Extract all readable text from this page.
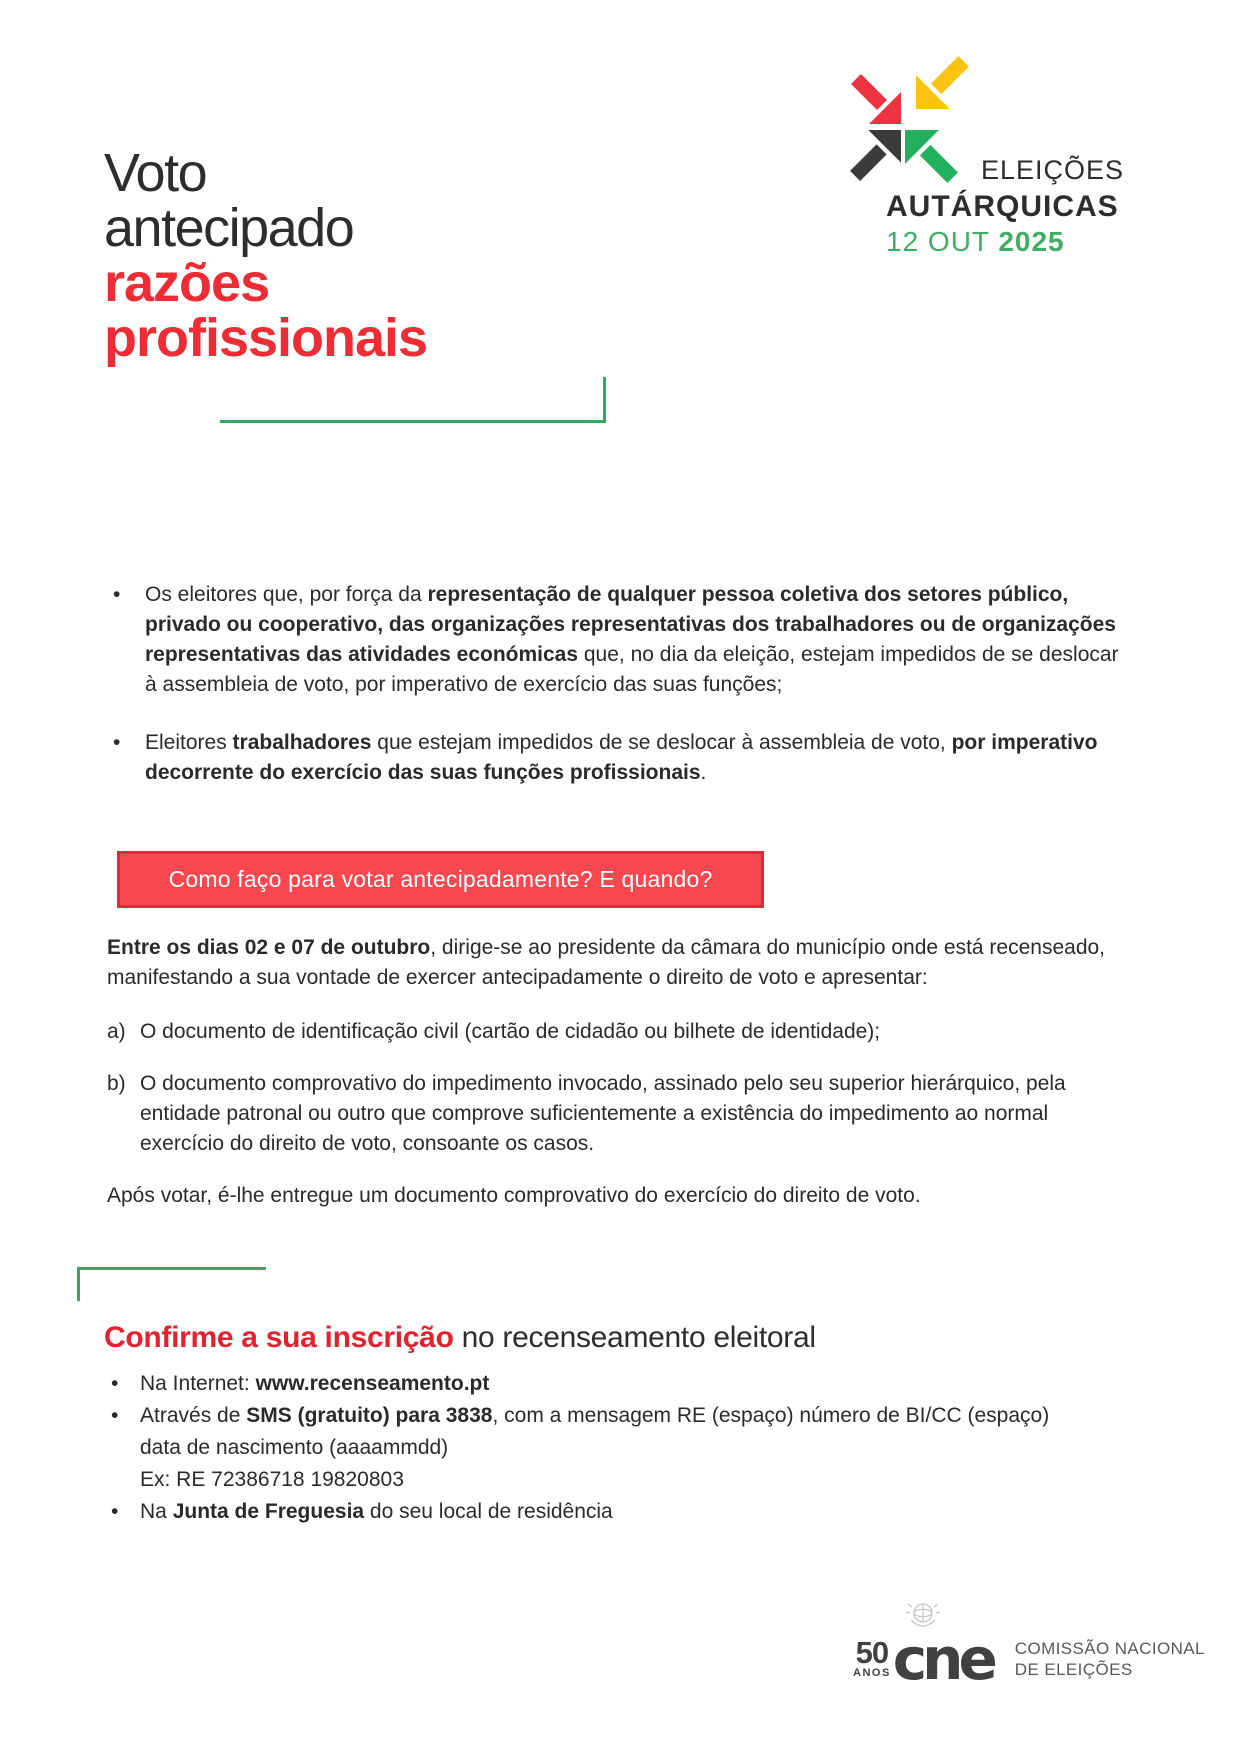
Voto
antecipado
razões
profissionais
ELEIÇÕES
AUTÁRQUICAS
12 OUT 2025
• Os eleitores que, por força da representação de qualquer pessoa coletiva dos setores público,
privado ou cooperativo, das organizações representativas dos trabalhadores ou de organizações
representativas das atividades económicas que, no dia da eleição, estejam impedidos de se deslocar
à assembleia de voto, por imperativo de exercício das suas funções;
• Eleitores trabalhadores que estejam impedidos de se deslocar à assembleia de voto, por imperativo
decorrente do exercício das suas funções profissionais.
Como faço para votar antecipadamente? E quando?

Entre os dias 02 e 07 de outubro, dirige-se ao presidente da câmara do município onde está recenseado,
manifestando a sua vontade de exercer antecipadamente o direito de voto e apresentar:

a) O documento de identificação civil (cartão de cidadão ou bilhete de identidade);
b) O documento comprovativo do impedimento invocado, assinado pelo seu superior hierárquico, pela
entidade patronal ou outro que comprove suficientemente a existência do impedimento ao normal
exercício do direito de voto, consoante os casos.

Após votar, é-lhe entregue um documento comprovativo do exercício do direito de voto.

Confirme a sua inscrição no recenseamento eleitoral
• Na Internet: www.recenseamento.pt
• Através de SMS (gratuito) para 3838, com a mensagem RE (espaço) número de BI/CC (espaço)
data de nascimento (aaaammdd)
Ex: RE 72386718 19820803
• Na Junta de Freguesia do seu local de residência
50
ANOS cne COMISSÃO NACIONAL
DE ELEIÇÕES
